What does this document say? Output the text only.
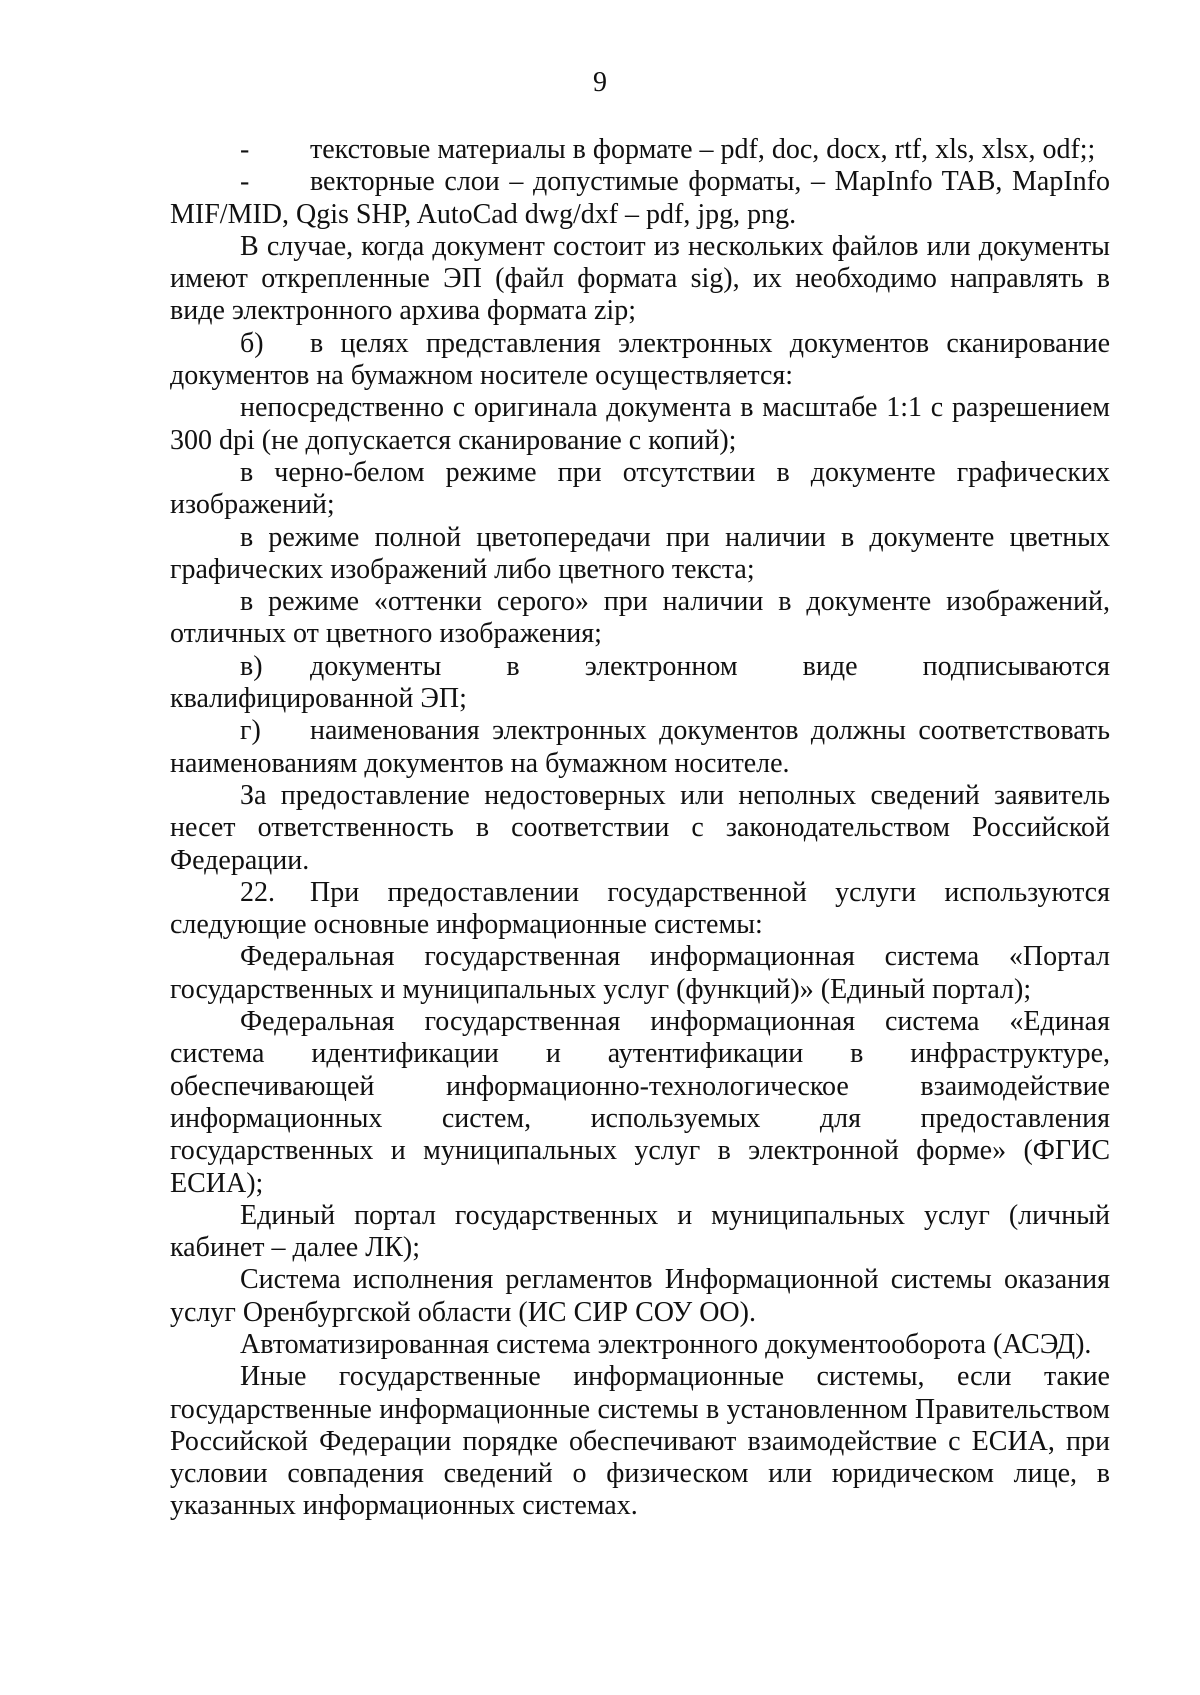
9

- текстовые материалы в формате – pdf, doc, docx, rtf, xls, xlsx, odf;;

- векторные слои – допустимые форматы, – MapInfo TAB, MapInfo MIF/MID, Qgis SHP, AutoCad dwg/dxf – pdf, jpg, png.

В случае, когда документ состоит из нескольких файлов или документы имеют открепленные ЭП (файл формата sig), их необходимо направлять в виде электронного архива формата zip;

б) в целях представления электронных документов сканирование документов на бумажном носителе осуществляется:

непосредственно с оригинала документа в масштабе 1:1 с разрешением 300 dpi (не допускается сканирование с копий);

в черно-белом режиме при отсутствии в документе графических изображений;

в режиме полной цветопередачи при наличии в документе цветных графических изображений либо цветного текста;

в режиме «оттенки серого» при наличии в документе изображений, отличных от цветного изображения;

в) документы в электронном виде подписываются квалифицированной ЭП;

г) наименования электронных документов должны соответствовать наименованиям документов на бумажном носителе.

За предоставление недостоверных или неполных сведений заявитель несет ответственность в соответствии с законодательством Российской Федерации.

22. При предоставлении государственной услуги используются следующие основные информационные системы:

Федеральная государственная информационная система «Портал государственных и муниципальных услуг (функций)» (Единый портал);

Федеральная государственная информационная система «Единая система идентификации и аутентификации в инфраструктуре, обеспечивающей информационно-технологическое взаимодействие информационных систем, используемых для предоставления государственных и муниципальных услуг в электронной форме» (ФГИС ЕСИА);

Единый портал государственных и муниципальных услуг (личный кабинет – далее ЛК);

Система исполнения регламентов Информационной системы оказания услуг Оренбургской области (ИС СИР СОУ ОО).

Автоматизированная система электронного документооборота (АСЭД).

Иные государственные информационные системы, если такие государственные информационные системы в установленном Правительством Российской Федерации порядке обеспечивают взаимодействие с ЕСИА, при условии совпадения сведений о физическом или юридическом лице, в указанных информационных системах.
